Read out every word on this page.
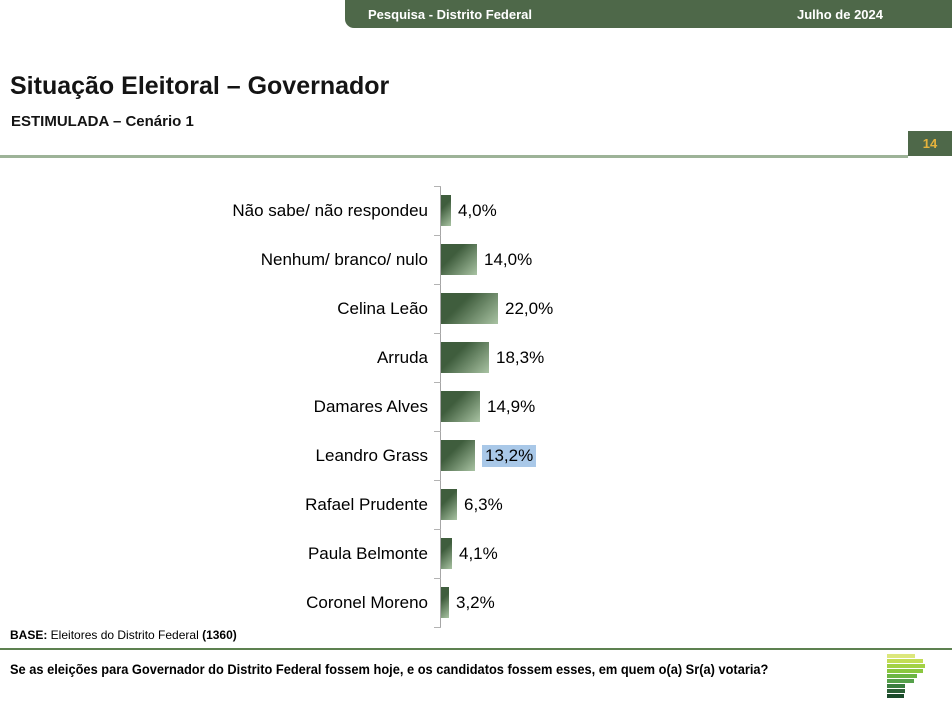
Pesquisa - Distrito Federal	Julho de 2024
Situação Eleitoral – Governador
ESTIMULADA – Cenário 1
14
Não sabe/ não respondeu 4,0%
Nenhum/ branco/ nulo	14,0%
Celina Leão	22,0%
Arruda	18,3%
Damares Alves	14,9%
Leandro Grass	13,2%
Rafael Prudente 6,3%
Paula Belmonte 4,1%
Coronel Moreno 3,2%
BASE: Eleitores do Distrito Federal (1360)
Se as eleições para Governador do Distrito Federal fossem hoje, e os candidatos fossem esses, em quem o(a) Sr(a) votaria?
